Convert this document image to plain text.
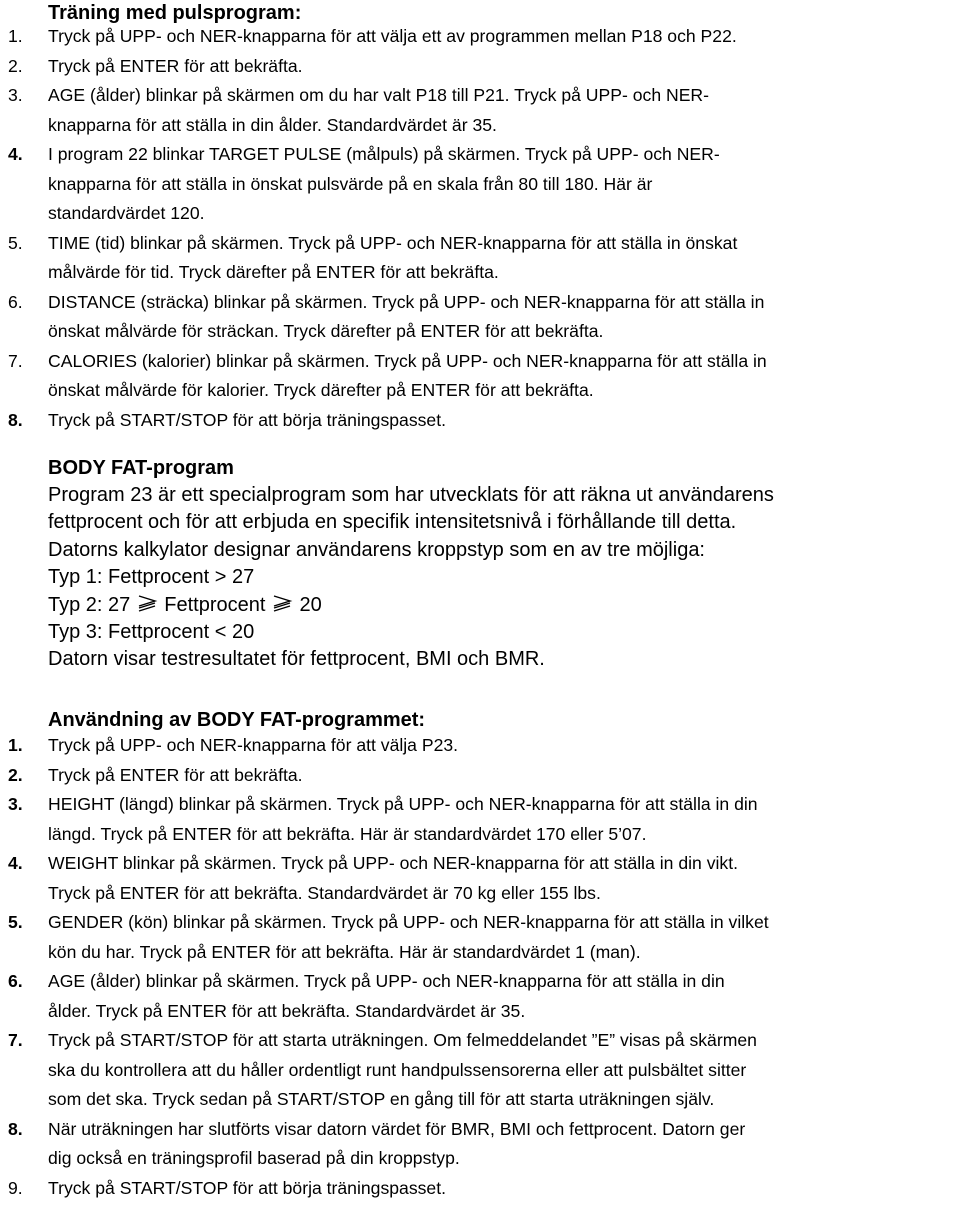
Träning med pulsprogram:
1. Tryck på UPP- och NER-knapparna för att välja ett av programmen mellan P18 och P22.
2. Tryck på ENTER för att bekräfta.
3. AGE (ålder) blinkar på skärmen om du har valt P18 till P21. Tryck på UPP- och NER-
knapparna för att ställa in din ålder. Standardvärdet är 35.
4. I program 22 blinkar TARGET PULSE (målpuls) på skärmen. Tryck på UPP- och NER-
knapparna för att ställa in önskat pulsvärde på en skala från 80 till 180. Här är
standardvärdet 120.
5. TIME (tid) blinkar på skärmen. Tryck på UPP- och NER-knapparna för att ställa in önskat
målvärde för tid. Tryck därefter på ENTER för att bekräfta.
6. DISTANCE (sträcka) blinkar på skärmen. Tryck på UPP- och NER-knapparna för att ställa in
önskat målvärde för sträckan. Tryck därefter på ENTER för att bekräfta.
7. CALORIES (kalorier) blinkar på skärmen. Tryck på UPP- och NER-knapparna för att ställa in
önskat målvärde för kalorier. Tryck därefter på ENTER för att bekräfta.
8. Tryck på START/STOP för att börja träningspasset.
BODY FAT-program
Program 23 är ett specialprogram som har utvecklats för att räkna ut användarens
fettprocent och för att erbjuda en specifik intensitetsnivå i förhållande till detta.
Datorns kalkylator designar användarens kroppstyp som en av tre möjliga:
Typ 1: Fettprocent > 27
Typ 2: 27 Fettprocent 20
Typ 3: Fettprocent < 20
Datorn visar testresultatet för fettprocent, BMI och BMR.
Användning av BODY FAT-programmet:
1. Tryck på UPP- och NER-knapparna för att välja P23.
2. Tryck på ENTER för att bekräfta.
3. HEIGHT (längd) blinkar på skärmen. Tryck på UPP- och NER-knapparna för att ställa in din
längd. Tryck på ENTER för att bekräfta. Här är standardvärdet 170 eller 5’07.
4. WEIGHT blinkar på skärmen. Tryck på UPP- och NER-knapparna för att ställa in din vikt.
Tryck på ENTER för att bekräfta. Standardvärdet är 70 kg eller 155 lbs.
5. GENDER (kön) blinkar på skärmen. Tryck på UPP- och NER-knapparna för att ställa in vilket
kön du har. Tryck på ENTER för att bekräfta. Här är standardvärdet 1 (man).
6. AGE (ålder) blinkar på skärmen. Tryck på UPP- och NER-knapparna för att ställa in din
ålder. Tryck på ENTER för att bekräfta. Standardvärdet är 35.
7. Tryck på START/STOP för att starta uträkningen. Om felmeddelandet ”E” visas på skärmen
ska du kontrollera att du håller ordentligt runt handpulssensorerna eller att pulsbältet sitter
som det ska. Tryck sedan på START/STOP en gång till för att starta uträkningen själv.
8. När uträkningen har slutförts visar datorn värdet för BMR, BMI och fettprocent. Datorn ger
dig också en träningsprofil baserad på din kroppstyp.
9. Tryck på START/STOP för att börja träningspasset.
